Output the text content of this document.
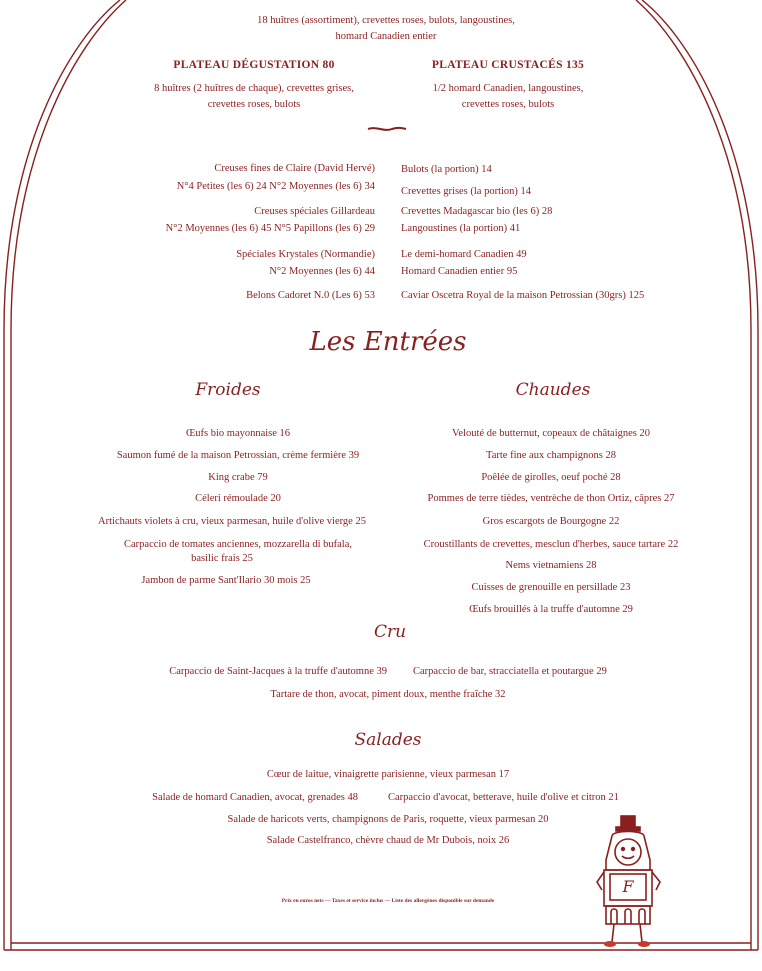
18 huîtres (assortiment), crevettes roses, bulots, langoustines,
homard Canadien entier
PLATEAU DÉGUSTATION 80
8 huîtres (2 huîtres de chaque), crevettes grises,
crevettes roses, bulots
PLATEAU CRUSTACÉS 135
1/2 homard Canadien, langoustines,
crevettes roses, bulots
Creuses fines de Claire (David Hervé)
N°4 Petites (les 6) 24 N°2 Moyennes (les 6) 34
Creuses spéciales Gillardeau
N°2 Moyennes (les 6) 45 N°5 Papillons (les 6) 29
Spéciales Krystales (Normandie)
N°2 Moyennes (les 6) 44
Belons Cadoret N.0 (Les 6) 53
Bulots (la portion) 14
Crevettes grises (la portion) 14
Crevettes Madagascar bio (les 6) 28
Langoustines (la portion) 41
Le demi-homard Canadien 49
Homard Canadien entier 95
Caviar Oscetra Royal de la maison Petrossian (30grs) 125
Les Entrées
Froides	Chaudes
Œufs bio mayonnaise 16
Saumon fumé de la maison Petrossian, crème fermière 39
King crabe 79
Céleri rémoulade 20
Artichauts violets à cru, vieux parmesan, huile d'olive vierge 25
Carpaccio de tomates anciennes, mozzarella di bufala,
basilic frais 25
Jambon de parme Sant'Ilario 30 mois 25
Velouté de butternut, copeaux de châtaignes 20
Tarte fine aux champignons 28
Poêlée de girolles, oeuf poché 28
Pommes de terre tièdes, ventrèche de thon Ortiz, câpres 27
Gros escargots de Bourgogne 22
Croustillants de crevettes, mesclun d'herbes, sauce tartare 22
Nems vietnamiens 28
Cuisses de grenouille en persillade 23
Œufs brouillés à la truffe d'automne 29
Cru
Carpaccio de Saint-Jacques à la truffe d'automne 39 Carpaccio de bar, stracciatella et poutargue 29
Tartare de thon, avocat, piment doux, menthe fraîche 32
Salades
Cœur de laitue, vinaigrette parisienne, vieux parmesan 17
Salade de homard Canadien, avocat, grenades 48	Carpaccio d'avocat, betterave, huile d'olive et citron 21
Salade de haricots verts, champignons de Paris, roquette, vieux parmesan 20
Salade Castelfranco, chèvre chaud de Mr Dubois, noix 26
Prix en euros nets — Taxes et service inclus — Liste des allergènes disponible sur demande
F
